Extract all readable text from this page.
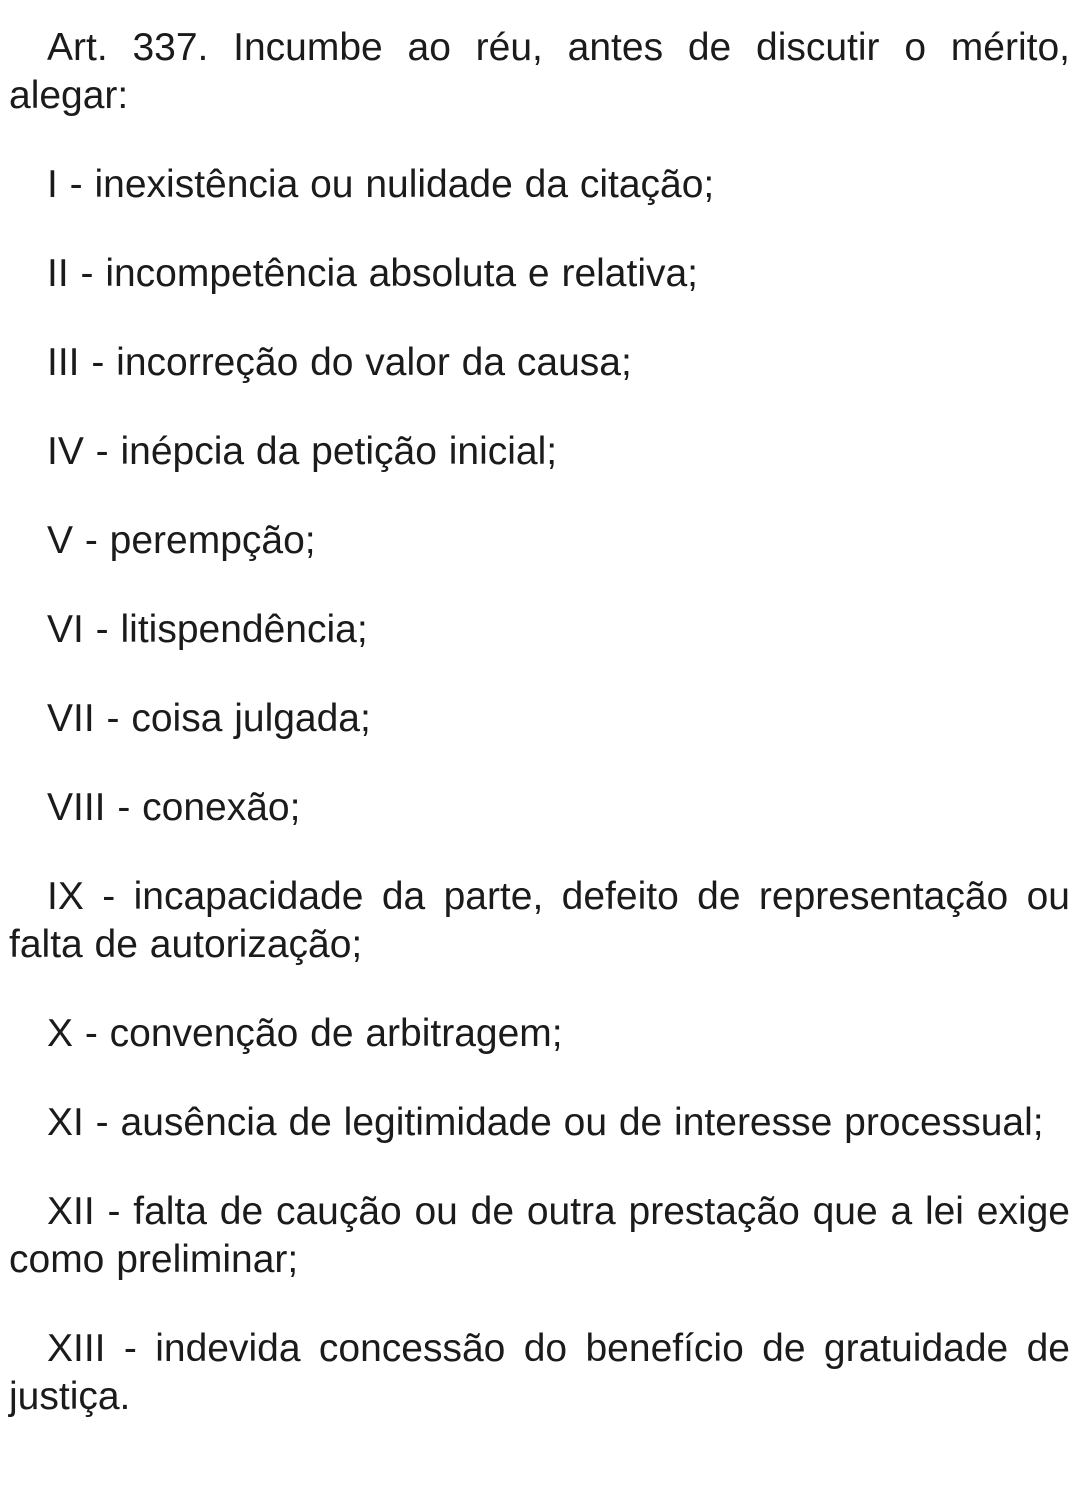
Art. 337. Incumbe ao réu, antes de discutir o mérito, alegar:

I - inexistência ou nulidade da citação;

II - incompetência absoluta e relativa;

III - incorreção do valor da causa;

IV - inépcia da petição inicial;

V - perempção;

VI - litispendência;

VII - coisa julgada;

VIII - conexão;

IX - incapacidade da parte, defeito de representação ou falta de autorização;

X - convenção de arbitragem;

XI - ausência de legitimidade ou de interesse processual;

XII - falta de caução ou de outra prestação que a lei exige como preliminar;

XIII - indevida concessão do benefício de gratuidade de justiça.
